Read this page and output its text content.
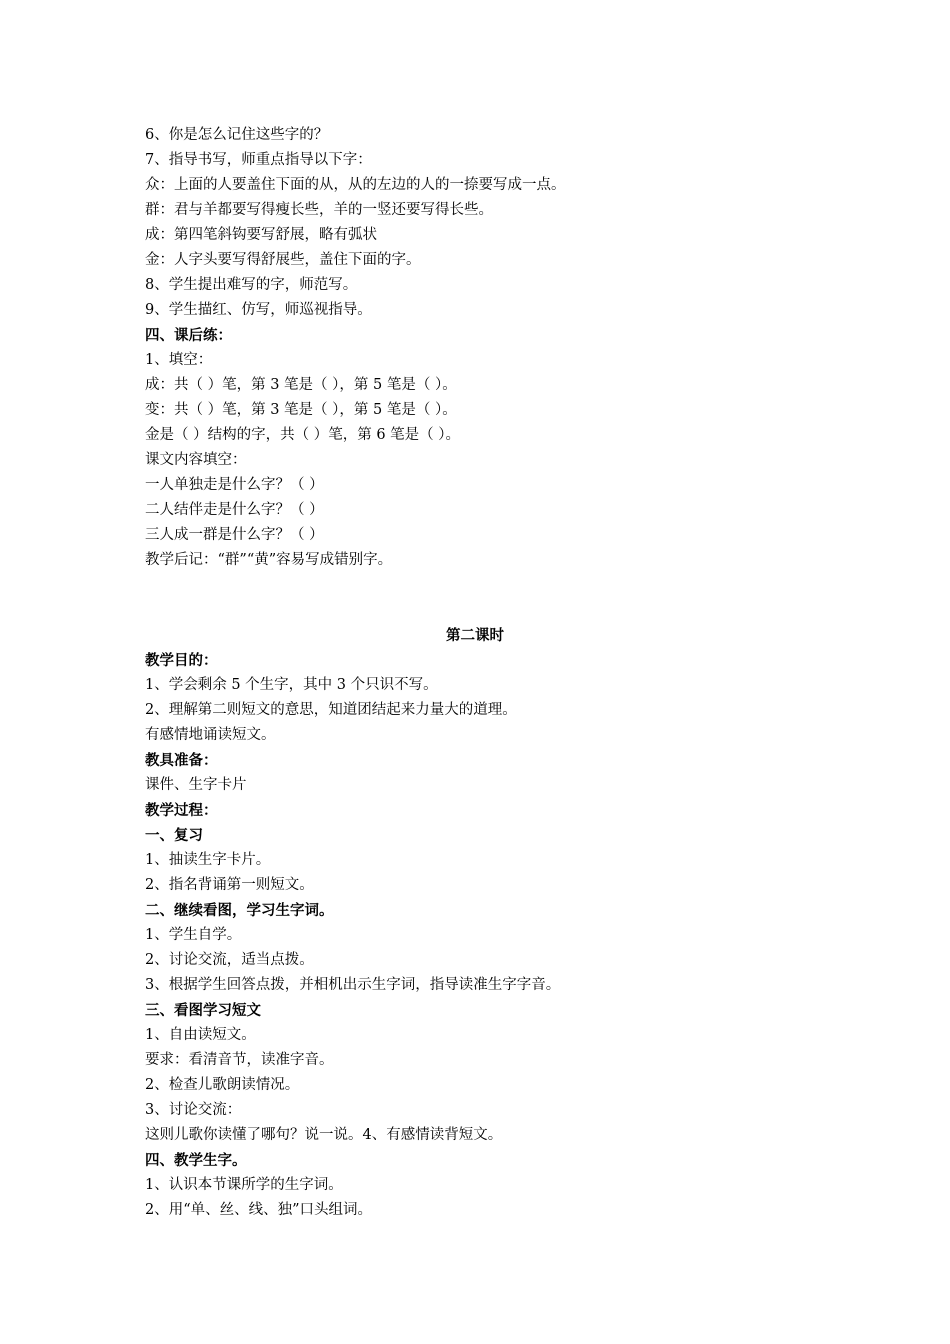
6、你是怎么记住这些字的？
7、指导书写，师重点指导以下字：
众：上面的人要盖住下面的从，从的左边的人的一捺要写成一点。
群：君与羊都要写得瘦长些，羊的一竖还要写得长些。
成：第四笔斜钩要写舒展，略有弧状
金：人字头要写得舒展些，盖住下面的字。
8、学生提出难写的字，师范写。
9、学生描红、仿写，师巡视指导。
四、课后练：
1、填空：
成：共（ ）笔，第 3 笔是（ ），第 5 笔是（ ）。
变：共（ ）笔，第 3 笔是（ ），第 5 笔是（ ）。
金是（ ）结构的字，共（ ）笔，第 6 笔是（ ）。
课文内容填空：
一人单独走是什么字？（ ）
二人结伴走是什么字？（ ）
三人成一群是什么字？（ ）
教学后记：“群”“黄”容易写成错别字。
第二课时
教学目的：
1、学会剩余 5 个生字，其中 3 个只识不写。
2、理解第二则短文的意思，知道团结起来力量大的道理。
有感情地诵读短文。
教具准备：
课件、生字卡片
教学过程：
一、复习
1、抽读生字卡片。
2、指名背诵第一则短文。
二、继续看图，学习生字词。
1、学生自学。
2、讨论交流，适当点拨。
3、根据学生回答点拨，并相机出示生字词，指导读准生字字音。
三、看图学习短文
1、自由读短文。
要求：看清音节，读准字音。
2、检查儿歌朗读情况。
3、讨论交流：
这则儿歌你读懂了哪句？说一说。4、有感情读背短文。
四、教学生字。
1、认识本节课所学的生字词。
2、用“单、丝、线、独”口头组词。
